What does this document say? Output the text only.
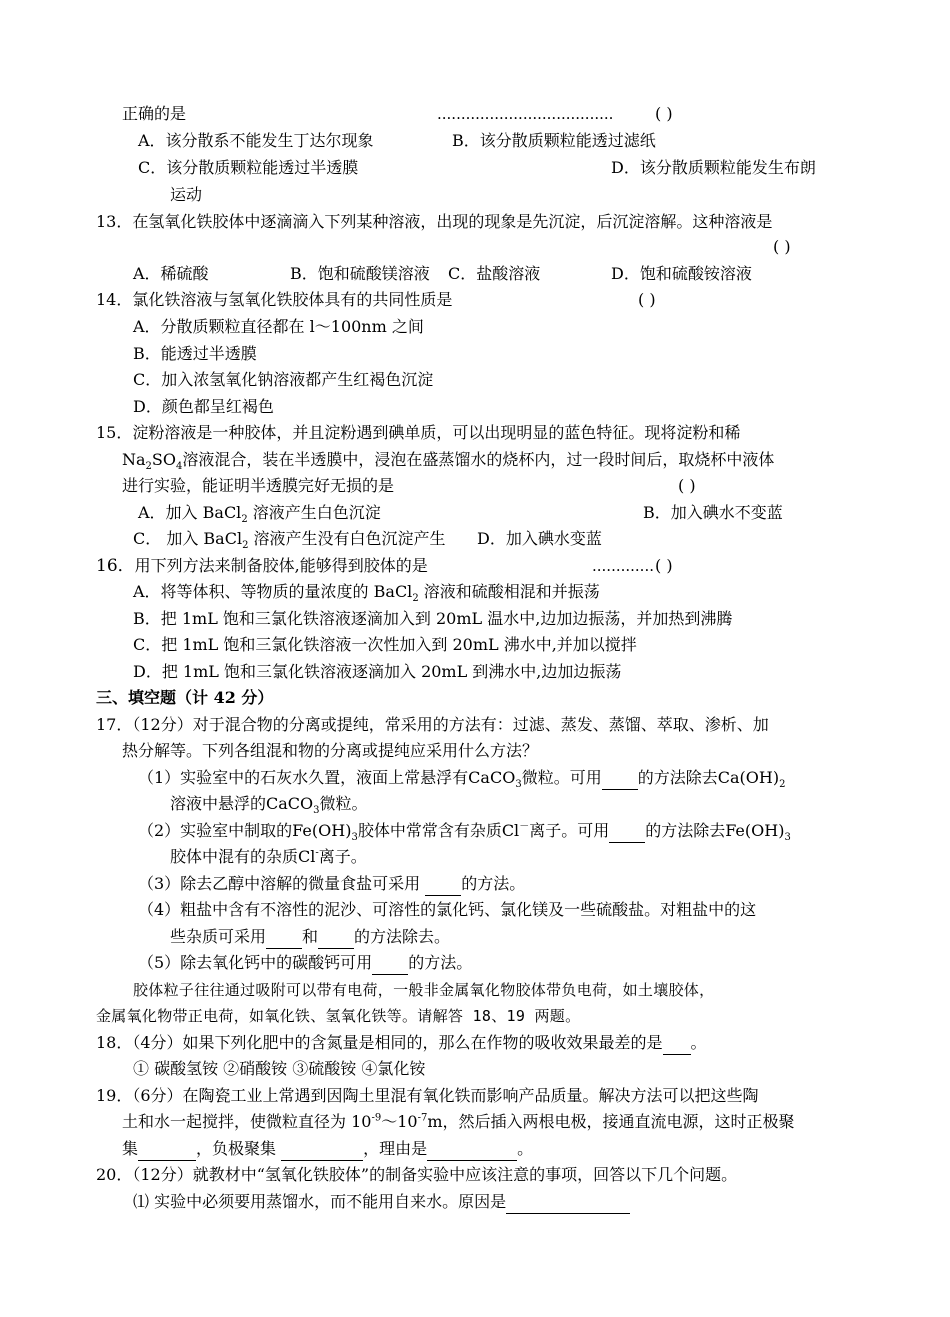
正确的是	.....................................	( )
A．该分散系不能发生丁达尔现象	B．该分散质颗粒能透过滤纸
C．该分散质颗粒能透过半透膜	D．该分散质颗粒能发生布朗
运动
13．在氢氧化铁胶体中逐滴滴入下列某种溶液，出现的现象是先沉淀，后沉淀溶解。这种溶液是
( )
A．稀硫酸	B．饱和硫酸镁溶液 C．盐酸溶液	D．饱和硫酸铵溶液
14．氯化铁溶液与氢氧化铁胶体具有的共同性质是	( )
A．分散质颗粒直径都在 l～100nm 之间
B．能透过半透膜
C．加入浓氢氧化钠溶液都产生红褐色沉淀
D．颜色都呈红褐色
15．淀粉溶液是一种胶体，并且淀粉遇到碘单质，可以出现明显的蓝色特征。现将淀粉和稀
$Na_2SO_4$溶液混合，装在半透膜中，浸泡在盛蒸馏水的烧杯内，过一段时间后，取烧杯中液体
进行实验，能证明半透膜完好无损的是	( )
A．加入 BaCl$_2$ 溶液产生白色沉淀	B．加入碘水不变蓝
C． 加入 BaCl$_2$ 溶液产生没有白色沉淀产生 D．加入碘水变蓝
16．用下列方法来制备胶体,能够得到胶体的是	............. ( )
A．将等体积、等物质的量浓度的 BaCl$_2$ 溶液和硫酸相混和并振荡
B．把 1mL 饱和三氯化铁溶液逐滴加入到 20mL 温水中,边加边振荡，并加热到沸腾
C．把 1mL 饱和三氯化铁溶液一次性加入到 20mL 沸水中,并加以搅拌
D．把 1mL 饱和三氯化铁溶液逐滴加入 20mL 到沸水中,边加边振荡
三、填空题（计 42 分）
17．（12分）对于混合物的分离或提纯，常采用的方法有：过滤、蒸发、蒸馏、萃取、渗析、加
热分解等。下列各组混和物的分离或提纯应采用什么方法？
（1）实验室中的石灰水久置，液面上常悬浮有CaCO$_3$微粒。可用 的方法除去$Ca(OH)_2$
溶液中悬浮的CaCO$_3$微粒。
（2）实验室中制取的$Fe(OH)_3$胶体中常常含有杂质Cl－离子。可用 的方法除去$Fe(OH)_3$
胶体中混有的杂质Cl-离子。
（3）除去乙醇中溶解的微量食盐可采用  的方法。
（4）粗盐中含有不溶性的泥沙、可溶性的氯化钙、氯化镁及一些硫酸盐。对粗盐中的这
些杂质可采用 和 的方法除去。
（5）除去氧化钙中的碳酸钙可用 的方法。
胶体粒子往往通过吸附可以带有电荷，一般非金属氧化物胶体带负电荷，如土壤胶体，
金属氧化物带正电荷，如氧化铁、氢氧化铁等。请解答 18、19 两题。
18．（4分）如果下列化肥中的含氮量是相同的，那么在作物的吸收效果最差的是 。
① 碳酸氢铵 ②硝酸铵 ③硫酸铵 ④氯化铵
19．（6分）在陶瓷工业上常遇到因陶土里混有氧化铁而影响产品质量。解决方法可以把这些陶
土和水一起搅拌，使微粒直径为 $10^{-9}\sim 10^{-7}m$，然后插入两根电极，接通直流电源，这时正极聚
集	，负极聚集	，理由是	。
20．（12分）就教材中“氢氧化铁胶体”的制备实验中应该注意的事项，回答以下几个问题。
⑴ 实验中必须要用蒸馏水，而不能用自来水。原因是
